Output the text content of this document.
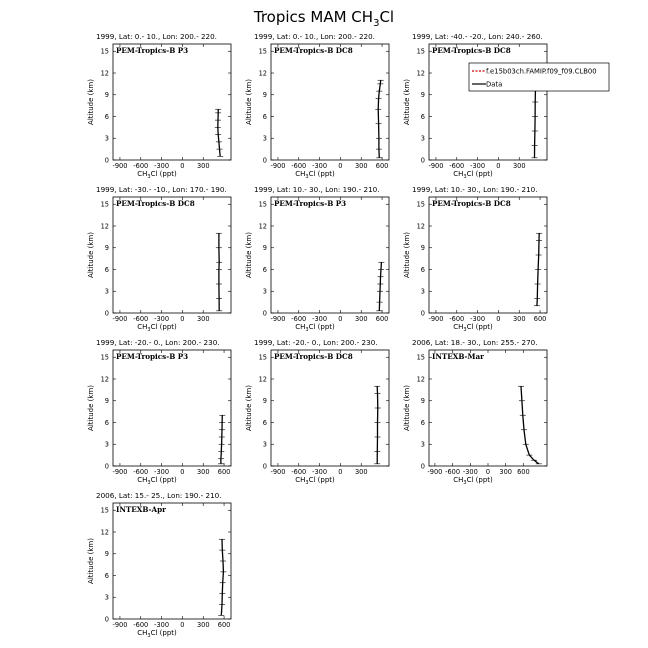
Tropics MAM $CH_3Cl$
1999, Lat: 0.- 10., Lon: 200.- 220.
PEM-Tropics-B P3
0
3
6
9
12
15
-900 -600 -300 0 300
$CH_3Cl$ (ppt)
Altitude (km)
1999, Lat: 0.- 10., Lon: 200.- 220.
PEM-Tropics-B DC8
0
3
6
9
12
15
-900 -600 -300 0 300 600
$CH_3Cl$ (ppt)
Altitude (km)
1999, Lat: -40.- -20., Lon: 240.- 260.
PEM-Tropics-B DC8
0
3
6
9
12
15
-900 -600 -300 0 300
$CH_3Cl$ (ppt)
Altitude (km)
1999, Lat: -30.- -10., Lon: 170.- 190.
PEM-Tropics-B DC8
0
3
6
9
12
15
-900 -600 -300 0 300
$CH_3Cl$ (ppt)
Altitude (km)
1999, Lat: 10.- 30., Lon: 190.- 210.
PEM-Tropics-B P3
0
3
6
9
12
15
-900 -600 -300 0 300 600
$CH_3Cl$ (ppt)
Altitude (km)
1999, Lat: 10.- 30., Lon: 190.- 210.
PEM-Tropics-B DC8
0
3
6
9
12
15
-900 -600 -300 0 300 600
$CH_3Cl$ (ppt)
Altitude (km)
1999, Lat: -20.- 0., Lon: 200.- 230.
PEM-Tropics-B P3
0
3
6
9
12
15
-900 -600 -300 0 300 600
$CH_3Cl$ (ppt)
Altitude (km)
1999, Lat: -20.- 0., Lon: 200.- 230.
PEM-Tropics-B DC8
0
3
6
9
12
15
-900 -600 -300 0 300
$CH_3Cl$ (ppt)
Altitude (km)
2006, Lat: 18.- 30., Lon: 255.- 270.
INTEXB-Mar
0
3
6
9
12
15
-900 -600 -300 0 300 600
$CH_3Cl$ (ppt)
Altitude (km)
2006, Lat: 15.- 25., Lon: 190.- 210.
INTEXB-Apr
0
3
6
9
12
15
-900 -600 -300 0 300 600
$CH_3Cl$ (ppt)
Altitude (km)
f.e15b03ch.FAMIP.f09_f09.CLB00
Data
